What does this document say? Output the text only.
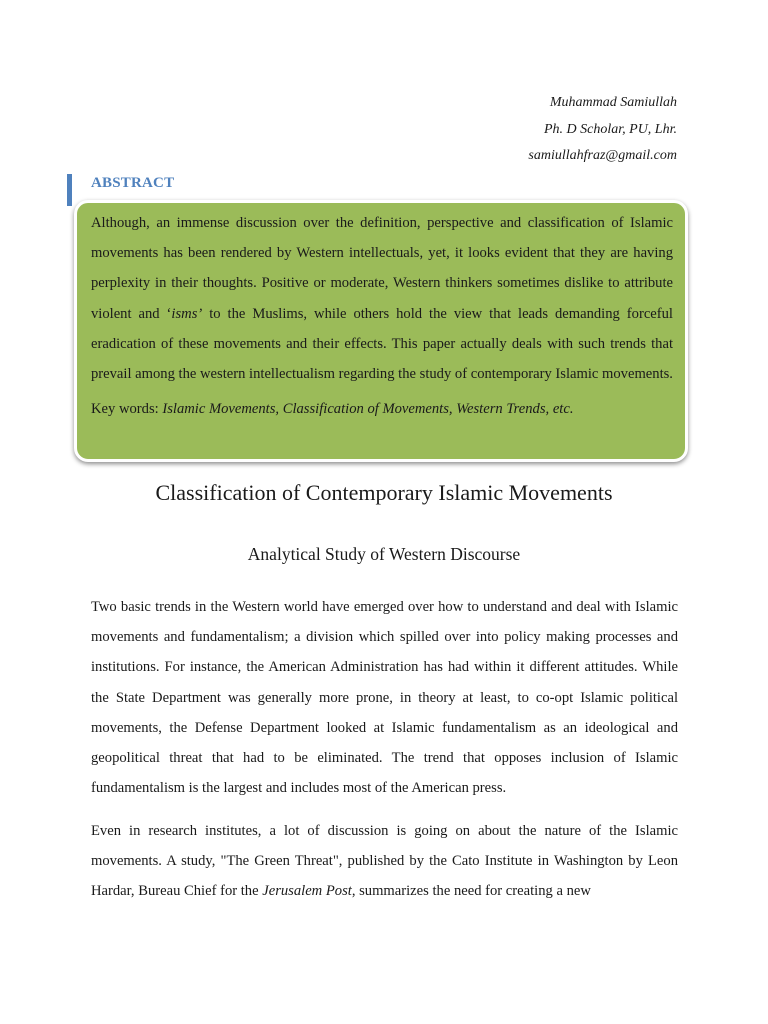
Muhammad Samiullah
Ph. D Scholar, PU, Lhr.
samiullahfraz@gmail.com
ABSTRACT

Although, an immense discussion over the definition, perspective and classification of Islamic movements has been rendered by Western intellectuals, yet, it looks evident that they are having perplexity in their thoughts. Positive or moderate, Western thinkers sometimes dislike to attribute violent and ‘isms’ to the Muslims, while others hold the view that leads demanding forceful eradication of these movements and their effects. This paper actually deals with such trends that prevail among the western intellectualism regarding the study of contemporary Islamic movements.

Key words: Islamic Movements, Classification of Movements, Western Trends, etc.
Classification of Contemporary Islamic Movements
Analytical Study of Western Discourse

Two basic trends in the Western world have emerged over how to understand and deal with Islamic movements and fundamentalism; a division which spilled over into policy making processes and institutions. For instance, the American Administration has had within it different attitudes. While the State Department was generally more prone, in theory at least, to co-opt Islamic political movements, the Defense Department looked at Islamic fundamentalism as an ideological and geopolitical threat that had to be eliminated. The trend that opposes inclusion of Islamic fundamentalism is the largest and includes most of the American press.

Even in research institutes, a lot of discussion is going on about the nature of the Islamic movements. A study, "The Green Threat", published by the Cato Institute in Washington by Leon Hardar, Bureau Chief for the Jerusalem Post, summarizes the need for creating a new
